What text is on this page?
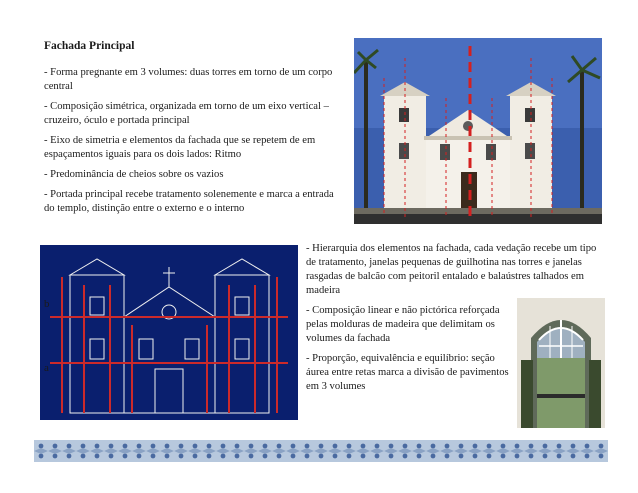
Fachada Principal

- Forma pregnante em 3 volumes: duas torres em torno de um corpo central

- Composição simétrica, organizada em torno de um eixo vertical – cruzeiro, óculo e portada principal

- Eixo de simetria e elementos da fachada que se repetem de em espaçamentos iguais para os dois lados: Ritmo

- Predominância de cheios sobre os vazios

- Portada principal recebe tratamento solenemente e marca a entrada do templo, distinção entre o externo e o interno

b
a

- Hierarquia dos elementos na fachada, cada vedação recebe um tipo de tratamento, janelas pequenas de guilhotina nas torres e janelas rasgadas de balcão com peitoril entalado e balaústres talhados em madeira

- Composição linear e não pictórica reforçada pelas molduras de madeira que delimitam os volumes da fachada

- Proporção, equivalência e equilíbrio: seção áurea entre retas marca a divisão de pavimentos em 3 volumes
